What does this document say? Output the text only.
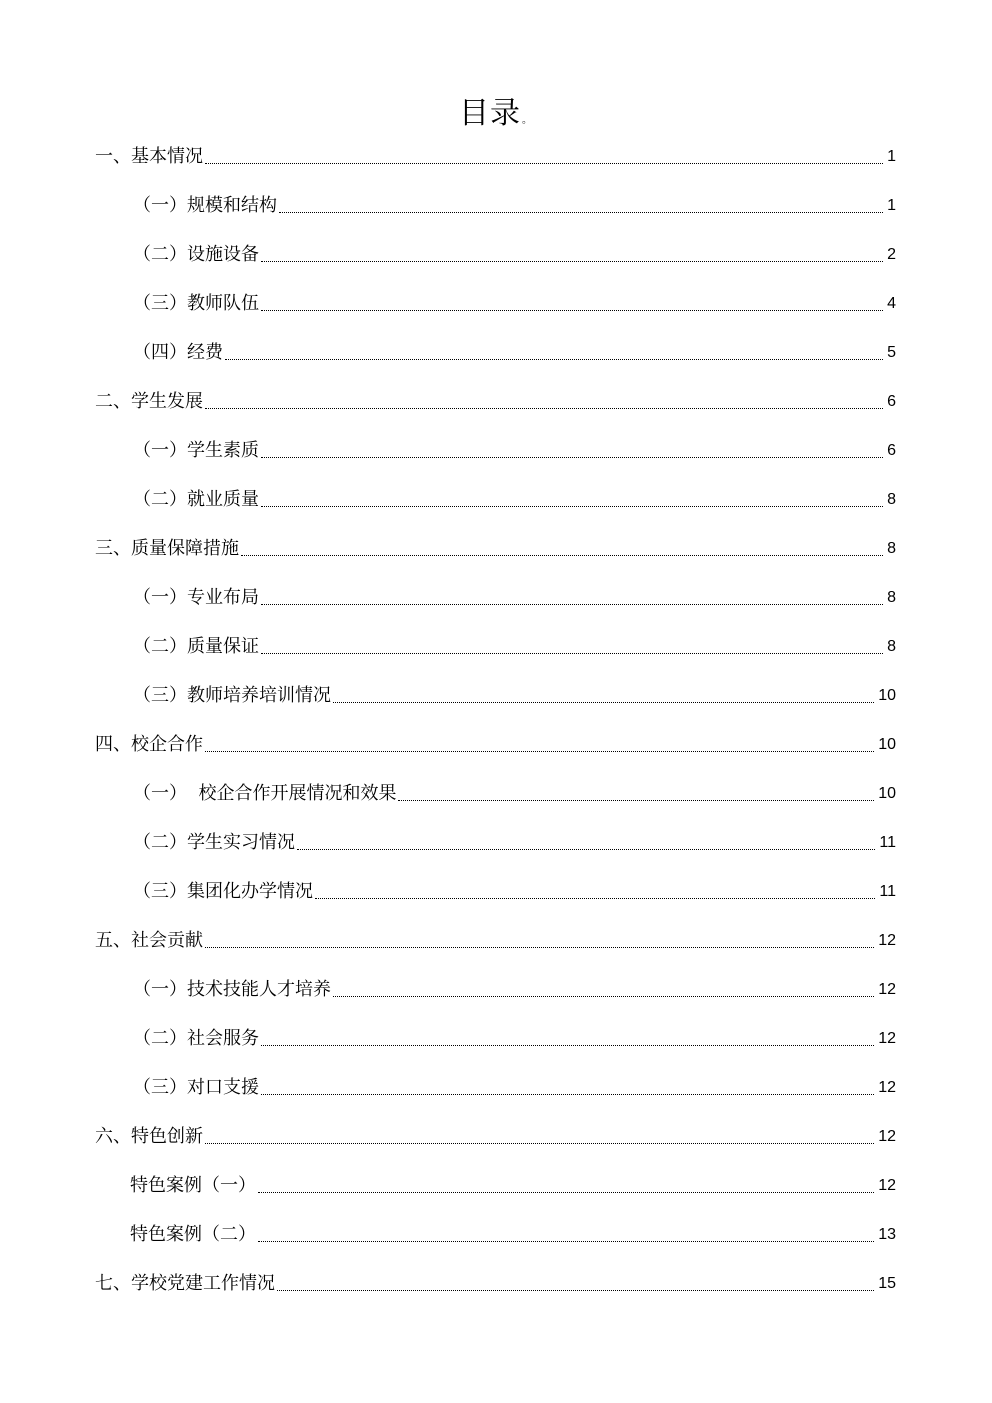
目录。
一、基本情况	1
（一）规模和结构	1
（二）设施设备	2
（三）教师队伍	4
（四）经费	5
二、学生发展	6
（一）学生素质	6
（二）就业质量	8
三、质量保障措施	8
（一）专业布局	8
（二）质量保证	8
（三）教师培养培训情况	10
四、校企合作	10
（一）  校企合作开展情况和效果	10
（二）学生实习情况	11
（三）集团化办学情况	11
五、社会贡献	12
（一）技术技能人才培养	12
（二）社会服务	12
（三）对口支援	12
六、特色创新	12
特色案例（一）	12
特色案例（二）	13
七、学校党建工作情况	15
